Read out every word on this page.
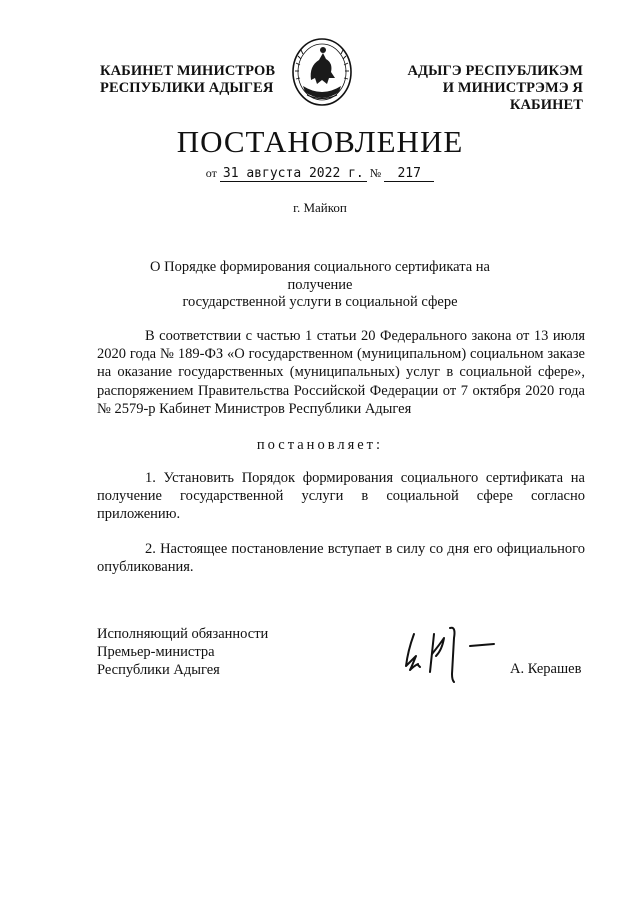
КАБИНЕТ МИНИСТРОВ
РЕСПУБЛИКИ АДЫГЕЯ
АДЫГЭ РЕСПУБЛИКЭМ
И МИНИСТРЭМЭ Я КАБИНЕТ
ПОСТАНОВЛЕНИЕ
от 31 августа 2022 г. № 217
г. Майкоп
О Порядке формирования социального сертификата на получение
государственной услуги в социальной сфере
В соответствии с частью 1 статьи 20 Федерального закона от 13 июля 2020 года № 189-ФЗ «О государственном (муниципальном) социальном заказе на оказание государственных (муниципальных) услуг в социальной сфере», распоряжением Правительства Российской Федерации от 7 октября 2020 года № 2579-р Кабинет Министров Республики Адыгея
постановляет:
1. Установить Порядок формирования социального сертификата на получение государственной услуги в социальной сфере согласно приложению.
2. Настоящее постановление вступает в силу со дня его официального опубликования.
Исполняющий обязанности
Премьер-министра
Республики Адыгея	А. Керашев
